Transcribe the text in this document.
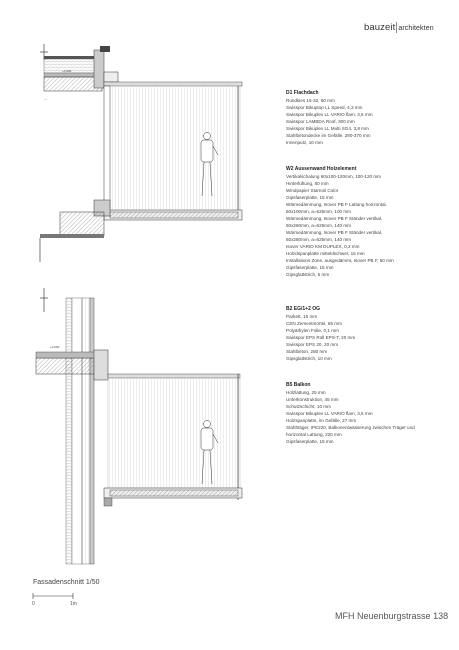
bauzeit architekten
+0,000
—
+0,000
D1 Flachdach
Rundkies 16-32, 60 mm
Swisspor Bikuptop LL Speed, 4,3 mm
Swisspor Bikuplex LL VARIO flam, 3,5 mm
Swisspor LAMBDA Roof, 300 mm
Swisspor Bikuplex LL Multi SG4, 3,8 mm
Stahlbetondecke im Gefälle, 280-370 mm
Innenputz, 10 mm
W2 Aussenwand Holzelement
Vertikalschalung 60x100-120mm, 100-120 mm
Hinterlüftung, 60 mm
Windpapier Starnoil Color
Gipsfaserplatte, 15 mm
Wärmedämmung, Isover PB F Lattung horizontal,
60x100mm, a=625mm, 100 mm
Wärmedämmung, Isover PB F Ständer vertikal,
60x280mm, a=625mm, 140 mm
Wärmedämmung, Isover PB F Ständer vertikal,
60x280mm, a=625mm, 140 mm
Isover VARIO KM DUPLEX, 0,2 mm
Holzdspanplatte mitteldschwer, 15 mm
Installations Zone, ausgedämmt, Isover PB F, 50 mm
Gipsfaserplatte, 15 mm
Gipsglattstrich, 5 mm
B2 EG/1+2 OG
Parkett, 15 mm
CEN Zementmörtel, 65 mm
Polyäthylen Folie, 0,1 mm
Swisspor EPS Roll EPS-T, 20 mm
Swisspor EPS 20, 20 mm
Stahlbeton, 280 mm
Gipsglattstrich, 10 mm
B5 Balkon
Holzlattung, 25 mm
Unterkonstruktion, 45 mm
Schutzschicht, 10 mm
Swisspor Bikuplex LL VARIO flam, 3,5 mm
Holzspanplatte, im Gefälle, 27 mm
Stahlträger, IPE220, Balkonentwässerung zwischen Träger und
horizontal Lattung, 220 mm
Gipsfaserplatte, 15 mm
Fassadenschnitt 1/50
0	1m
MFH Neuenburgstrasse 138
